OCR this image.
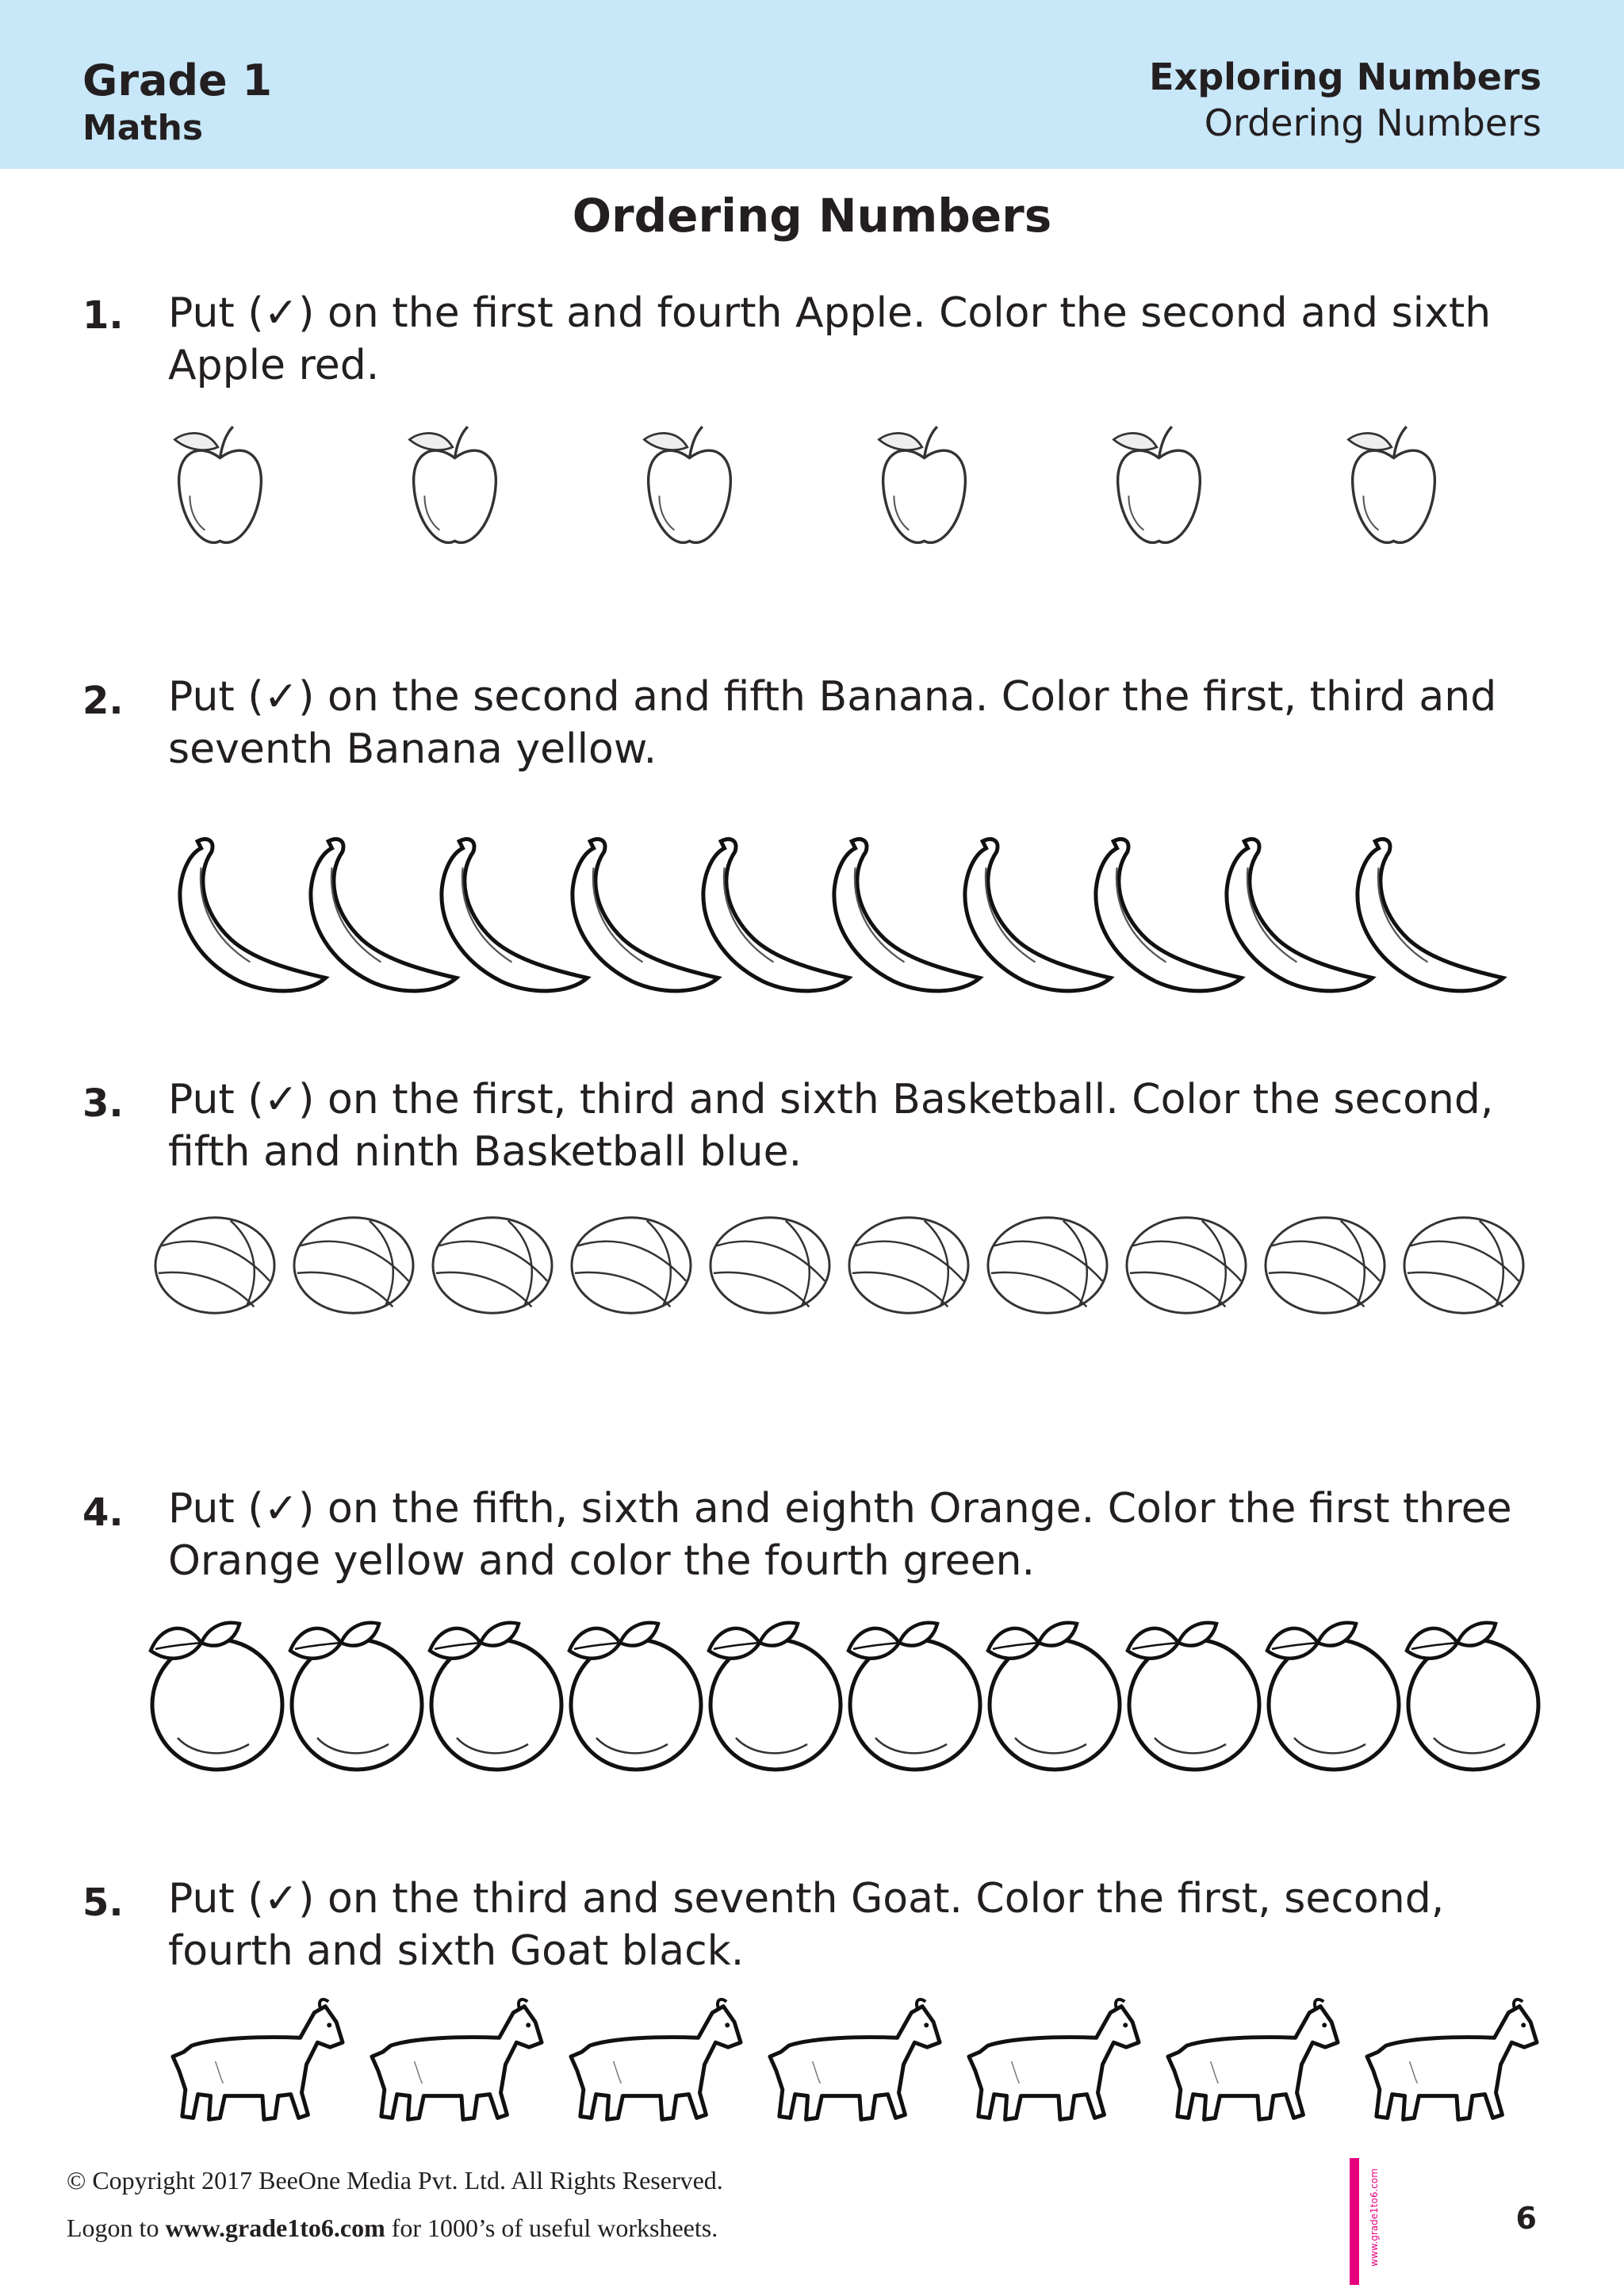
Grade 1
Maths
Exploring Numbers
Ordering Numbers
Ordering Numbers
1. Put (✓) on the first and fourth Apple. Color the second and sixth
Apple red.
2. Put (✓) on the second and fifth Banana. Color the first, third and
seventh Banana yellow.
3. Put (✓) on the first, third and sixth Basketball. Color the second,
fifth and ninth Basketball blue.
4. Put (✓) on the fifth, sixth and eighth Orange. Color the first three
Orange yellow and color the fourth green.
5. Put (✓) on the third and seventh Goat. Color the first, second,
fourth and sixth Goat black.
© Copyright 2017 BeeOne Media Pvt. Ltd. All Rights Reserved.
Logon to www.grade1to6.com for 1000’s of useful worksheets.	www.grade1to6.com	6
